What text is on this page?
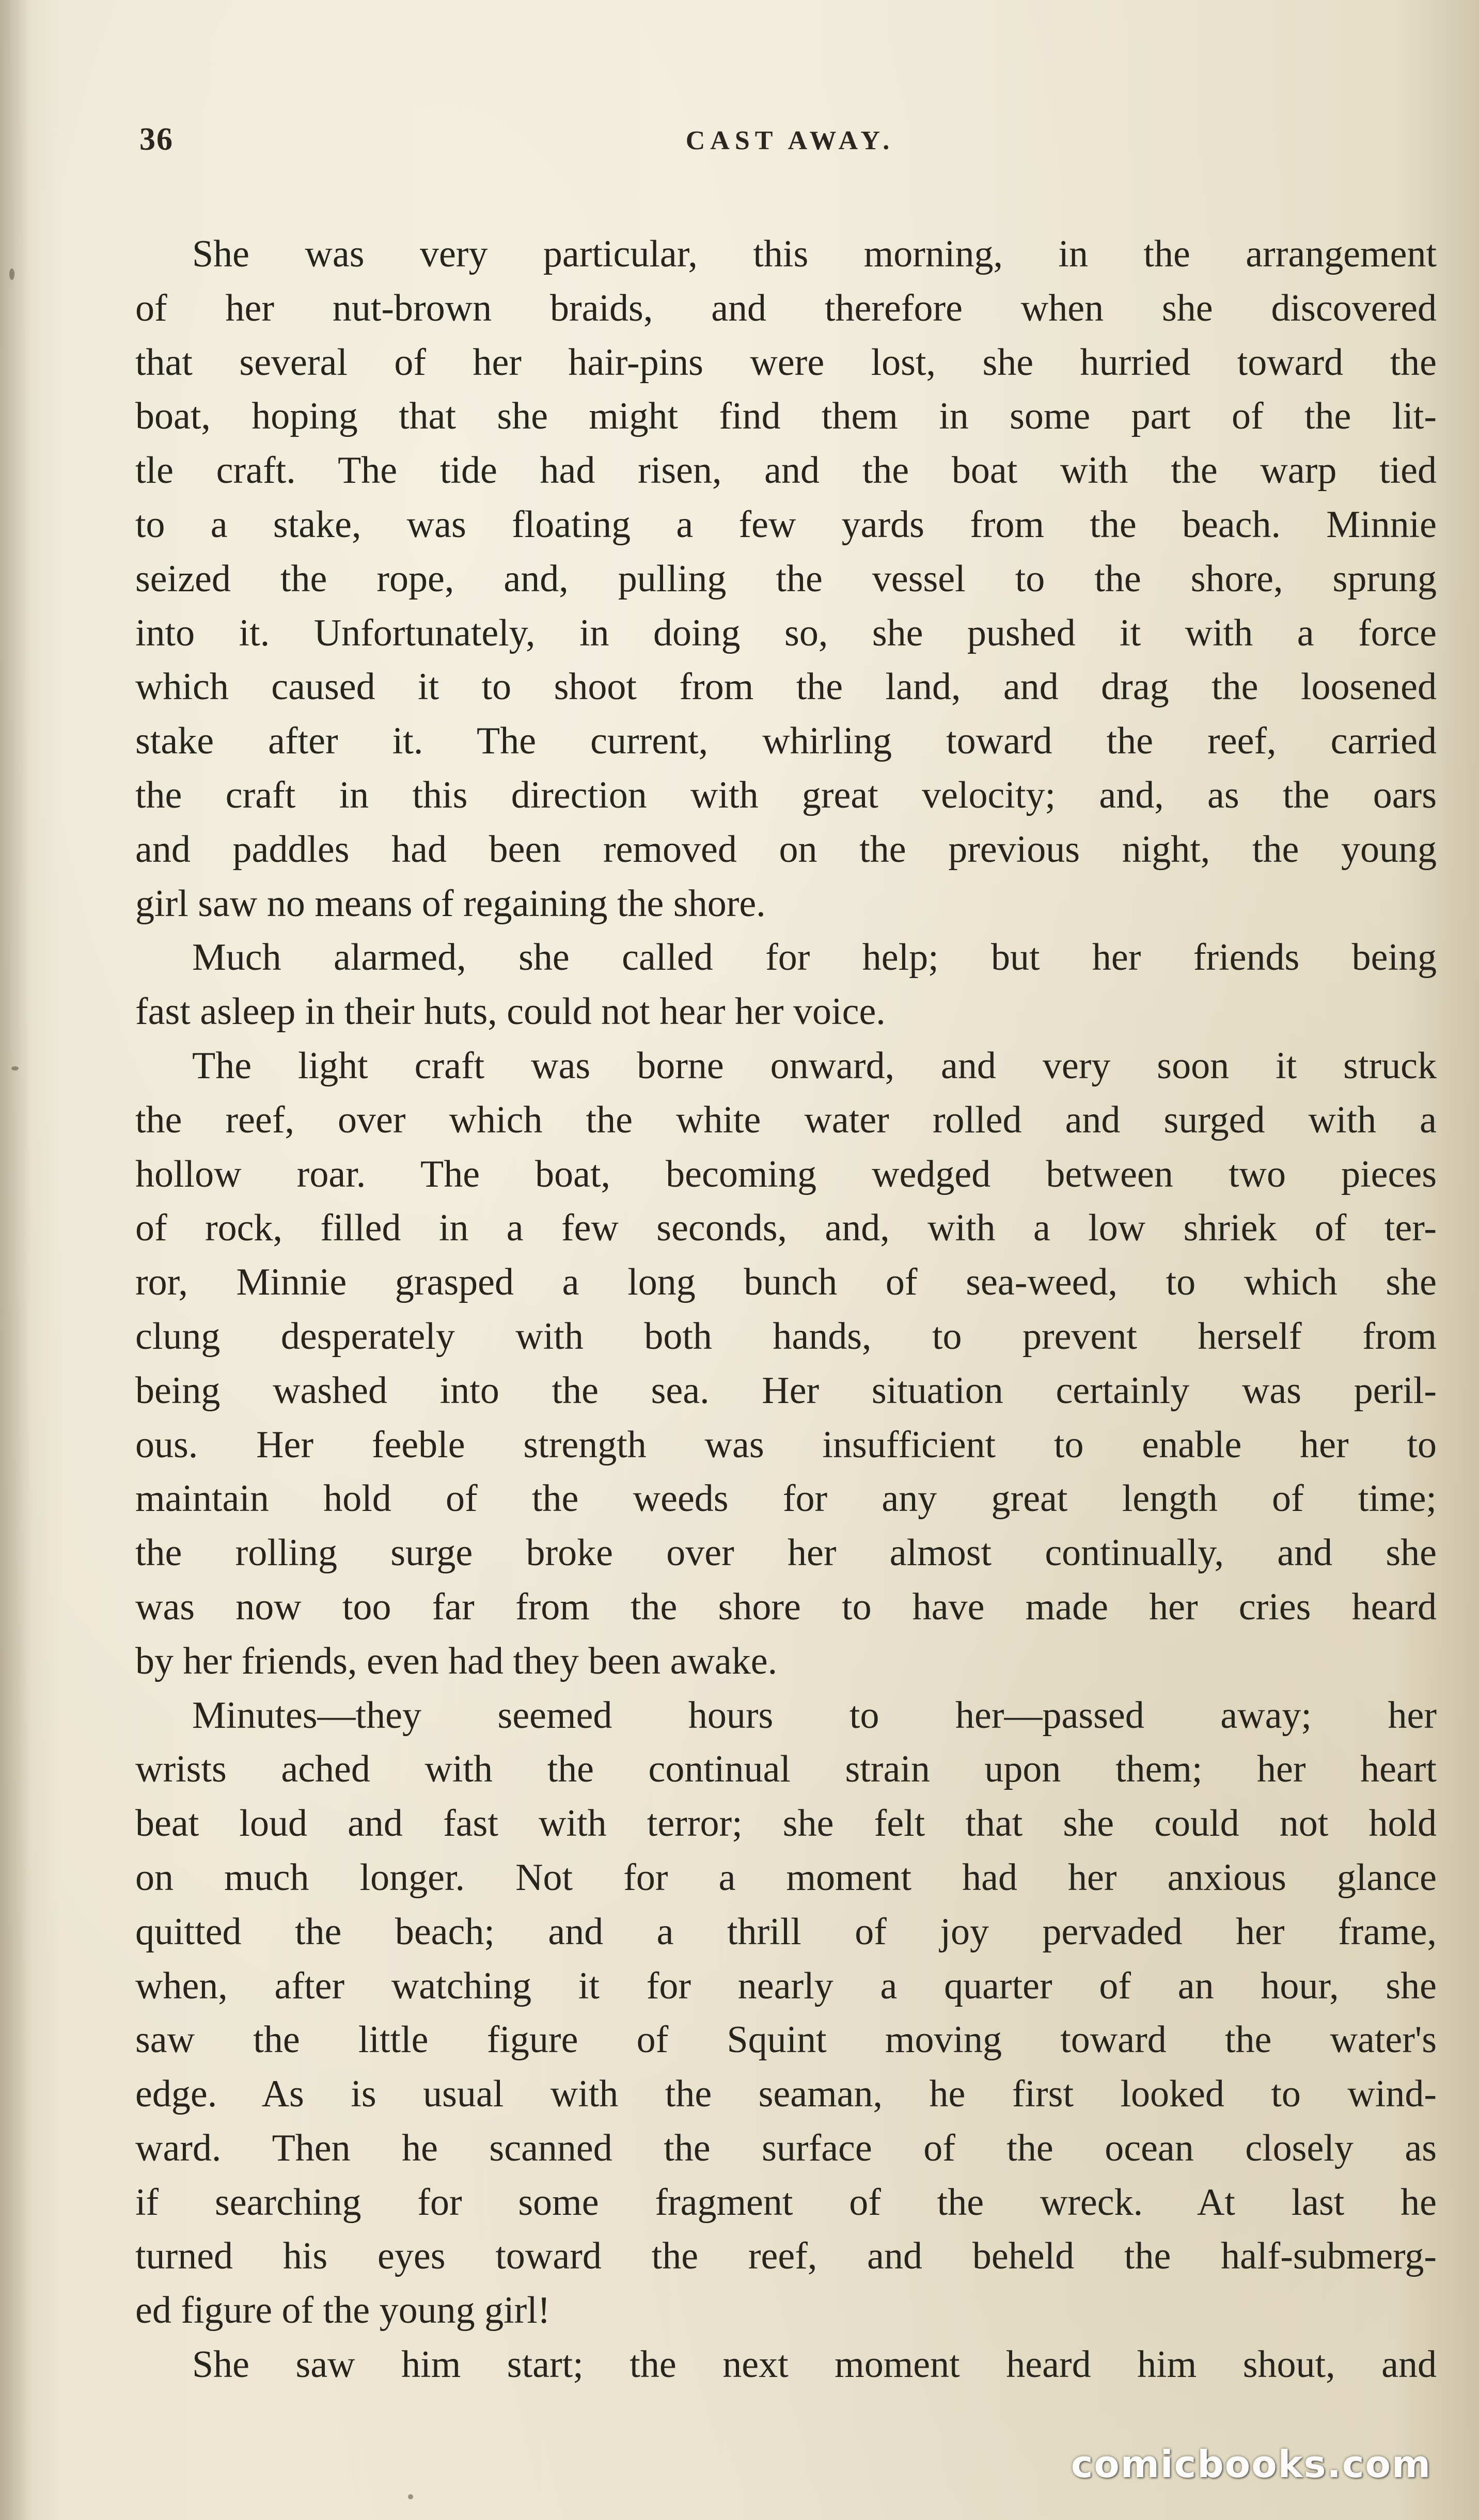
36	CAST AWAY.
She was very particular, this morning, in the arrangement
of her nut-brown braids, and therefore when she discovered
that several of her hair-pins were lost, she hurried toward the
boat, hoping that she might find them in some part of the lit-
tle craft. The tide had risen, and the boat with the warp tied
to a stake, was floating a few yards from the beach. Minnie
seized the rope, and, pulling the vessel to the shore, sprung
into it. Unfortunately, in doing so, she pushed it with a force
which caused it to shoot from the land, and drag the loosened
stake after it. The current, whirling toward the reef, carried
the craft in this direction with great velocity; and, as the oars
and paddles had been removed on the previous night, the young
girl saw no means of regaining the shore.
Much alarmed, she called for help; but her friends being
fast asleep in their huts, could not hear her voice.
The light craft was borne onward, and very soon it struck
the reef, over which the white water rolled and surged with a
hollow roar. The boat, becoming wedged between two pieces
of rock, filled in a few seconds, and, with a low shriek of ter-
ror, Minnie grasped a long bunch of sea-weed, to which she
clung desperately with both hands, to prevent herself from
being washed into the sea. Her situation certainly was peril-
ous. Her feeble strength was insufficient to enable her to
maintain hold of the weeds for any great length of time;
the rolling surge broke over her almost continually, and she
was now too far from the shore to have made her cries heard
by her friends, even had they been awake.
Minutes—they seemed hours to her—passed away; her
wrists ached with the continual strain upon them; her heart
beat loud and fast with terror; she felt that she could not hold
on much longer. Not for a moment had her anxious glance
quitted the beach; and a thrill of joy pervaded her frame,
when, after watching it for nearly a quarter of an hour, she
saw the little figure of Squint moving toward the water's
edge. As is usual with the seaman, he first looked to wind-
ward. Then he scanned the surface of the ocean closely as
if searching for some fragment of the wreck. At last he
turned his eyes toward the reef, and beheld the half-submerg-
ed figure of the young girl!
She saw him start; the next moment heard him shout, and
comicbooks.com
